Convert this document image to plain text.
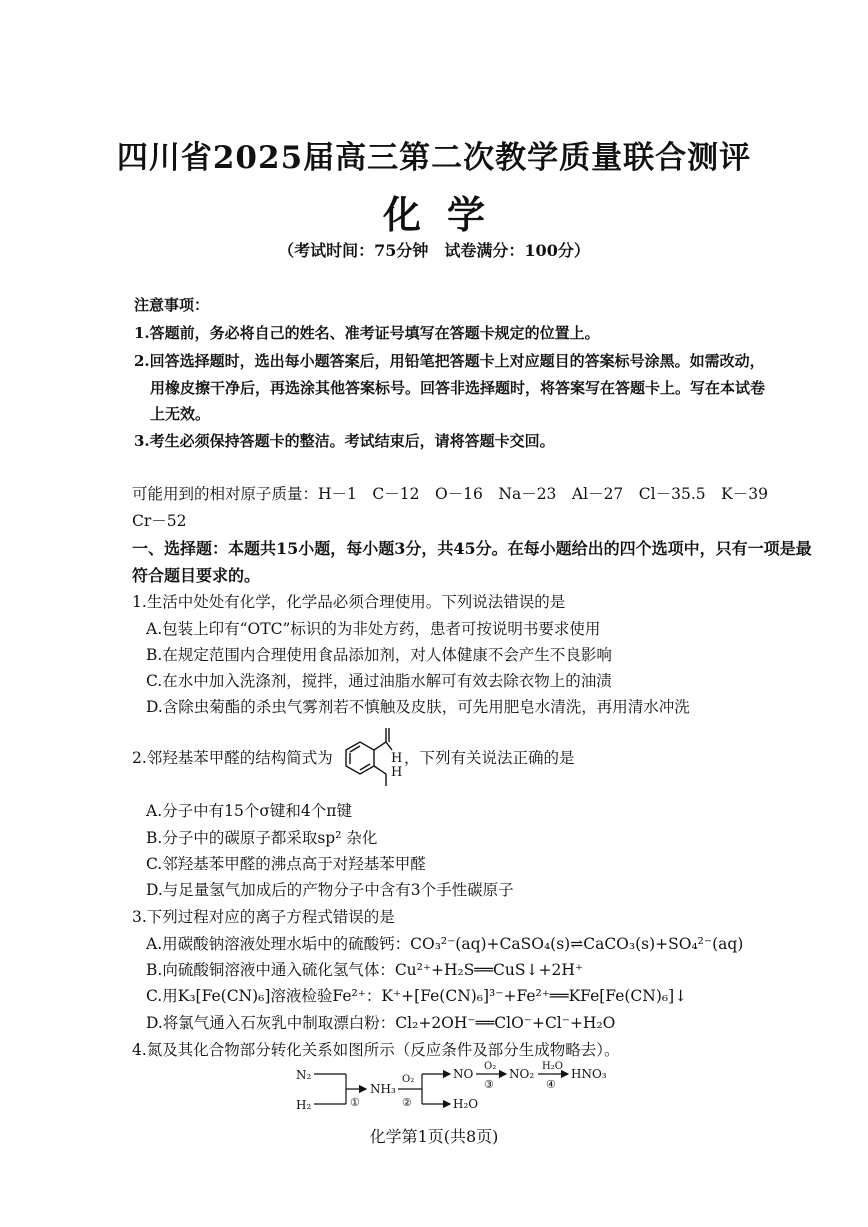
四川省2025届高三第二次教学质量联合测评
化学
（考试时间：75分钟　试卷满分：100分）
注意事项：
1.答题前，务必将自己的姓名、准考证号填写在答题卡规定的位置上。
2.回答选择题时，选出每小题答案后，用铅笔把答题卡上对应题目的答案标号涂黑。如需改动，
用橡皮擦干净后，再选涂其他答案标号。回答非选择题时，将答案写在答题卡上。写在本试卷
上无效。
3.考生必须保持答题卡的整洁。考试结束后，请将答题卡交回。
可能用到的相对原子质量：H－1　C－12　O－16　Na－23　Al－27　Cl－35.5　K－39
Cr－52
一、选择题：本题共15小题，每小题3分，共45分。在每小题给出的四个选项中，只有一项是最
符合题目要求的。
1.生活中处处有化学，化学品必须合理使用。下列说法错误的是
A.包装上印有“OTC”标识的为非处方药，患者可按说明书要求使用
B.在规定范围内合理使用食品添加剂，对人体健康不会产生不良影响
C.在水中加入洗涤剂，搅拌，通过油脂水解可有效去除衣物上的油渍
D.含除虫菊酯的杀虫气雾剂若不慎触及皮肤，可先用肥皂水清洗，再用清水冲洗
2.邻羟基苯甲醛的结构简式为	H
H
，下列有关说法正确的是
A.分子中有15个σ键和4个π键
B.分子中的碳原子都采取sp² 杂化
C.邻羟基苯甲醛的沸点高于对羟基苯甲醛
D.与足量氢气加成后的产物分子中含有3个手性碳原子
3.下列过程对应的离子方程式错误的是
A.用碳酸钠溶液处理水垢中的硫酸钙：CO₃²⁻(aq)+CaSO₄(s)⇌CaCO₃(s)+SO₄²⁻(aq)
B.向硫酸铜溶液中通入硫化氢气体：Cu²⁺+H₂S══CuS↓+2H⁺
C.用K₃[Fe(CN)₆]溶液检验Fe²⁺：K⁺+[Fe(CN)₆]³⁻+Fe²⁺══KFe[Fe(CN)₆]↓
D.将氯气通入石灰乳中制取漂白粉：Cl₂+2OH⁻══ClO⁻+Cl⁻+H₂O
4.氮及其化合物部分转化关系如图所示（反应条件及部分生成物略去）。
N₂
H₂	①
NH₃
O₂
②
NO
H₂O
O₂
③
NO₂
H₂O
④
HNO₃
化学第1页(共8页)
